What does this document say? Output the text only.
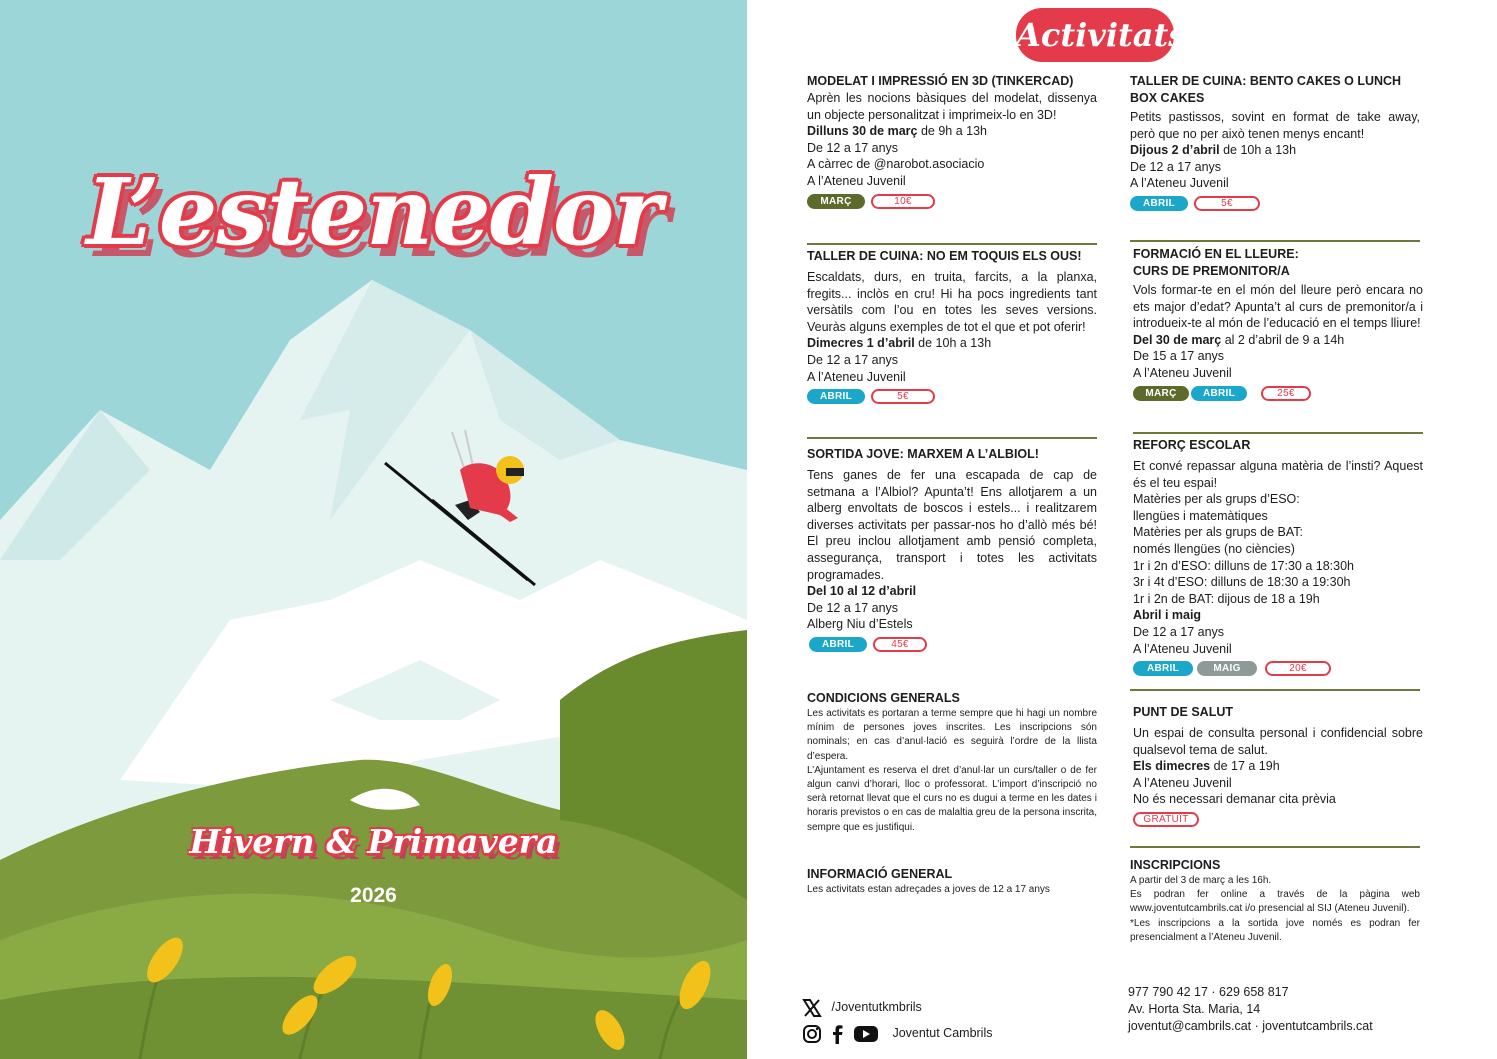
L’estenedor
Hivern & Primavera
2026
Activitats
MODELAT I IMPRESSIÓ EN 3D (TINKERCAD)

Aprèn les nocions bàsiques del modelat, dissenya un objecte personalitzat i imprimeix-lo en 3D!

Dilluns 30 de març de 9h a 13h

De 12 a 17 anys

A càrrec de @narobot.asociacio

A l’Ateneu Juvenil

MARÇ	10€
TALLER DE CUINA: NO EM TOQUIS ELS OUS!

Escaldats, durs, en truita, farcits, a la planxa, fregits... inclòs en cru! Hi ha pocs ingredients tant versàtils com l’ou en totes les seves versions. Veuràs alguns exemples de tot el que et pot oferir!

Dimecres 1 d’abril de 10h a 13h

De 12 a 17 anys

A l’Ateneu Juvenil

ABRIL	5€
SORTIDA JOVE: MARXEM A L’ALBIOL!

Tens ganes de fer una escapada de cap de setmana a l’Albiol? Apunta’t! Ens allotjarem a un alberg envoltats de boscos i estels... i realitzarem diverses activitats per passar-nos ho d’allò més bé! El preu inclou allotjament amb pensió completa, assegurança, transport i totes les activitats programades.

Del 10 al 12 d’abril

De 12 a 17 anys

Alberg Niu d’Estels

ABRIL	45€
CONDICIONS GENERALS

Les activitats es portaran a terme sempre que hi hagi un nombre mínim de persones joves inscrites. Les inscripcions són nominals; en cas d’anul·lació es seguirà l’ordre de la llista d’espera.

L’Ajuntament es reserva el dret d’anul·lar un curs/taller o de fer algun canvi d’horari, lloc o professorat. L’import d’inscripció no serà retornat llevat que el curs no es dugui a terme en les dates i horaris previstos o en cas de malaltia greu de la persona inscrita, sempre que es justifiqui.

INFORMACIÓ GENERAL

Les activitats estan adreçades a joves de 12 a 17 anys

TALLER DE CUINA: BENTO CAKES O LUNCH BOX CAKES

Petits pastissos, sovint en format de take away, però que no per això tenen menys encant!

Dijous 2 d’abril de 10h a 13h

De 12 a 17 anys

A l’Ateneu Juvenil

ABRIL	5€
FORMACIÓ EN EL LLEURE: CURS DE PREMONITOR/A

Vols formar-te en el món del lleure però encara no ets major d’edat? Apunta’t al curs de premonitor/a i introdueix-te al món de l’educació en el temps lliure!

Del 30 de març al 2 d’abril de 9 a 14h

De 15 a 17 anys

A l’Ateneu Juvenil

MARÇ	ABRIL	25€
REFORÇ ESCOLAR

Et convé repassar alguna matèria de l’insti? Aquest és el teu espai!

Matèries per als grups d’ESO:

llengües i matemàtiques

Matèries per als grups de BAT:

només llengües (no ciències)

1r i 2n d’ESO: dilluns de 17:30 a 18:30h

3r i 4t d’ESO: dilluns de 18:30 a 19:30h

1r i 2n de BAT: dijous de 18 a 19h

Abril i maig

De 12 a 17 anys

A l’Ateneu Juvenil

ABRIL	MAIG	20€
PUNT DE SALUT

Un espai de consulta personal i confidencial sobre qualsevol tema de salut.

Els dimecres de 17 a 19h

A l’Ateneu Juvenil

No és necessari demanar cita prèvia

GRATUÏT
INSCRIPCIONS

A partir del 3 de març a les 16h.

Es podran fer online a través de la pàgina web www.joventutcambrils.cat i/o presencial al SIJ (Ateneu Juvenil).

*Les inscripcions a la sortida jove només es podran fer presencialment a l’Ateneu Juvenil.

/Joventutkmbrils
Joventut Cambrils
977 790 42 17 · 629 658 817
Av. Horta Sta. Maria, 14
joventut@cambrils.cat · joventutcambrils.cat
